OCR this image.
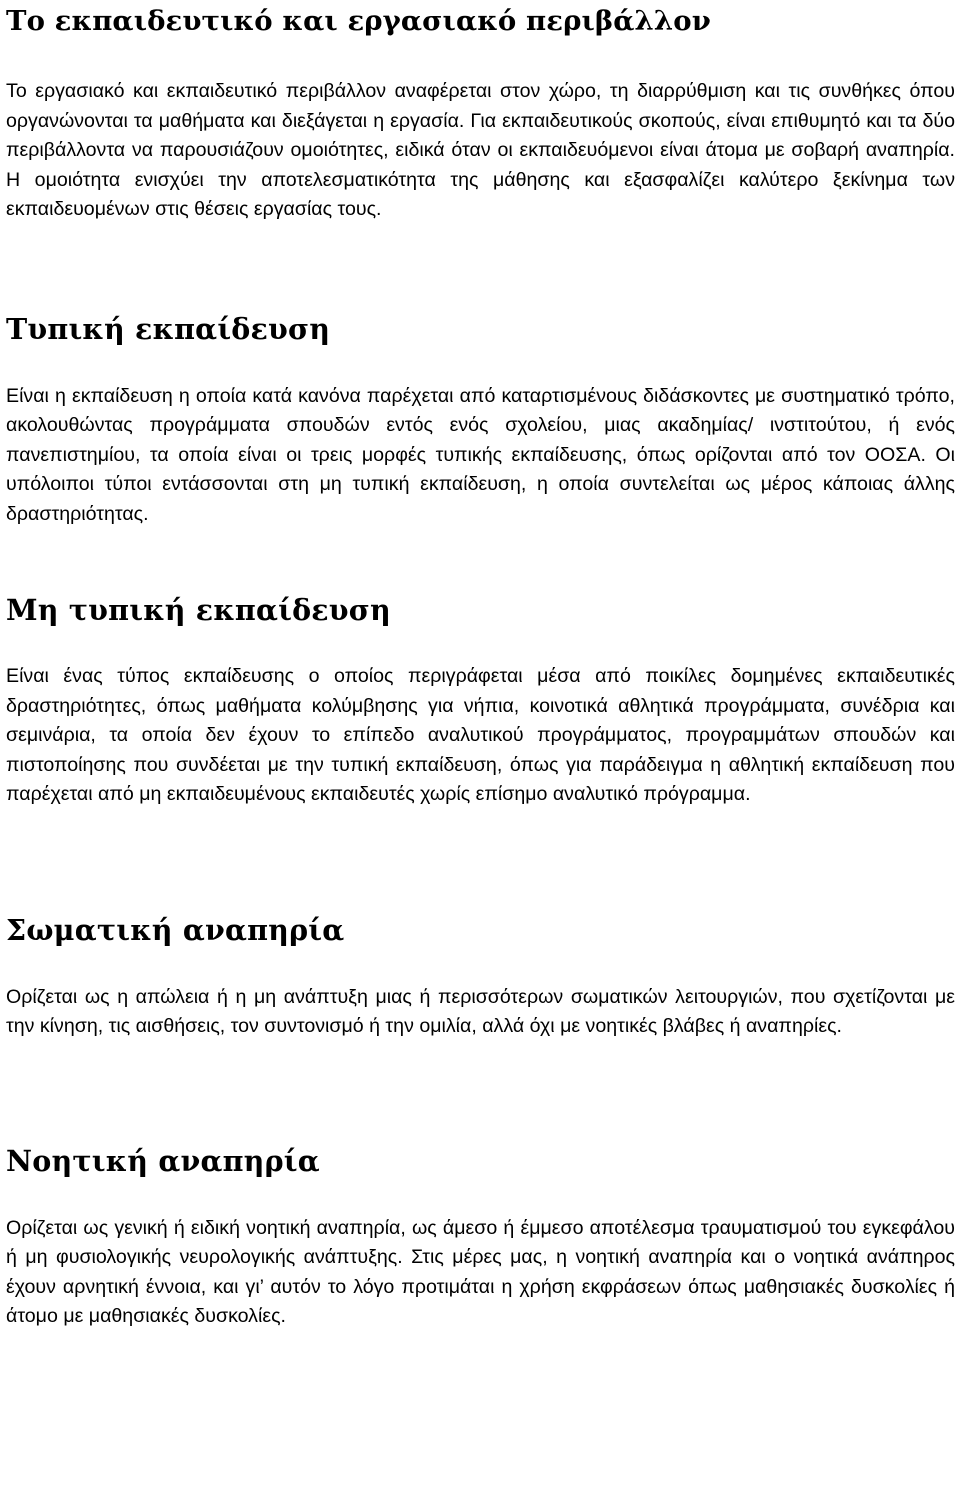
Το εκπαιδευτικό και εργασιακό περιβάλλον

Το εργασιακό και εκπαιδευτικό περιβάλλον αναφέρεται στον χώρο, τη διαρρύθμιση και τις συνθήκες όπου οργανώνονται τα μαθήματα και διεξάγεται η εργασία. Για εκπαιδευτικούς σκοπούς, είναι επιθυμητό και τα δύο περιβάλλοντα να παρουσιάζουν ομοιότητες, ειδικά όταν οι εκπαιδευόμενοι είναι άτομα με σοβαρή αναπηρία. Η ομοιότητα ενισχύει την αποτελεσματικότητα της μάθησης και εξασφαλίζει καλύτερο ξεκίνημα των εκπαιδευομένων στις θέσεις εργασίας τους.

Τυπική εκπαίδευση

Είναι η εκπαίδευση η οποία κατά κανόνα παρέχεται από καταρτισμένους διδάσκοντες με συστηματικό τρόπο, ακολουθώντας προγράμματα σπουδών εντός ενός σχολείου, μιας ακαδημίας/ ινστιτούτου, ή ενός πανεπιστημίου, τα οποία είναι οι τρεις μορφές τυπικής εκπαίδευσης, όπως ορίζονται από τον ΟΟΣΑ. Οι υπόλοιποι τύποι εντάσσονται στη μη τυπική εκπαίδευση, η οποία συντελείται ως μέρος κάποιας άλλης δραστηριότητας.

Μη τυπική εκπαίδευση

Είναι ένας τύπος εκπαίδευσης ο οποίος περιγράφεται μέσα από ποικίλες δομημένες εκπαιδευτικές δραστηριότητες, όπως μαθήματα κολύμβησης για νήπια, κοινοτικά αθλητικά προγράμματα, συνέδρια και σεμινάρια, τα οποία δεν έχουν το επίπεδο αναλυτικού προγράμματος, προγραμμάτων σπουδών και πιστοποίησης που συνδέεται με την τυπική εκπαίδευση, όπως για παράδειγμα η αθλητική εκπαίδευση που παρέχεται από μη εκπαιδευμένους εκπαιδευτές χωρίς επίσημο αναλυτικό πρόγραμμα.

Σωματική αναπηρία

Ορίζεται ως η απώλεια ή η μη ανάπτυξη μιας ή περισσότερων σωματικών λειτουργιών, που σχετίζονται με την κίνηση, τις αισθήσεις, τον συντονισμό ή την ομιλία, αλλά όχι με νοητικές βλάβες ή αναπηρίες.

Νοητική αναπηρία

Ορίζεται ως γενική ή ειδική νοητική αναπηρία, ως άμεσο ή έμμεσο αποτέλεσμα τραυματισμού του εγκεφάλου ή μη φυσιολογικής νευρολογικής ανάπτυξης. Στις μέρες μας, η νοητική αναπηρία και ο νοητικά ανάπηρος έχουν αρνητική έννοια, και γι’ αυτόν το λόγο προτιμάται η χρήση εκφράσεων όπως μαθησιακές δυσκολίες ή άτομο με μαθησιακές δυσκολίες.
